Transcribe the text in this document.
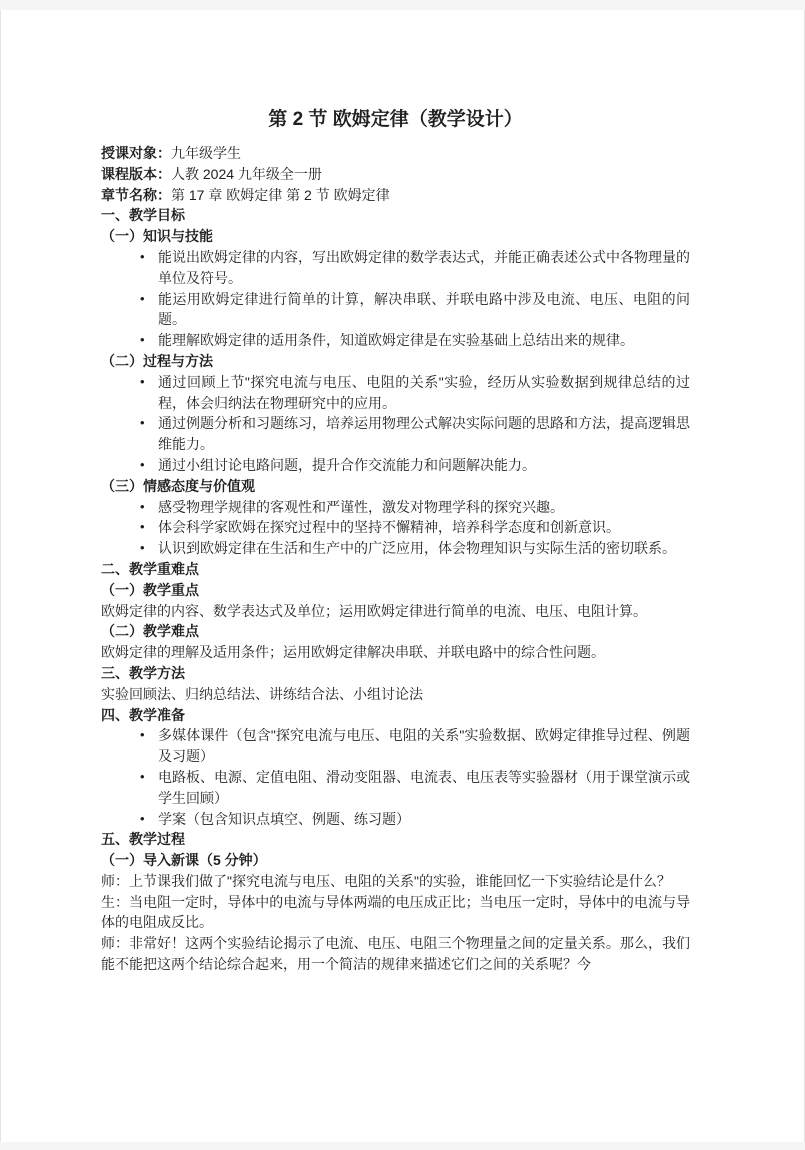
第 2 节 欧姆定律（教学设计）
授课对象：九年级学生
课程版本：人教 2024 九年级全一册
章节名称：第 17 章 欧姆定律 第 2 节 欧姆定律
一、教学目标
（一）知识与技能
• 能说出欧姆定律的内容，写出欧姆定律的数学表达式，并能正确表述公式中各物理量的单位及符号。
• 能运用欧姆定律进行简单的计算，解决串联、并联电路中涉及电流、电压、电阻的问题。
• 能理解欧姆定律的适用条件，知道欧姆定律是在实验基础上总结出来的规律。
（二）过程与方法
• 通过回顾上节"探究电流与电压、电阻的关系"实验，经历从实验数据到规律总结的过程，体会归纳法在物理研究中的应用。
• 通过例题分析和习题练习，培养运用物理公式解决实际问题的思路和方法，提高逻辑思维能力。
• 通过小组讨论电路问题，提升合作交流能力和问题解决能力。
（三）情感态度与价值观
• 感受物理学规律的客观性和严谨性，激发对物理学科的探究兴趣。
• 体会科学家欧姆在探究过程中的坚持不懈精神，培养科学态度和创新意识。
• 认识到欧姆定律在生活和生产中的广泛应用，体会物理知识与实际生活的密切联系。
二、教学重难点
（一）教学重点
欧姆定律的内容、数学表达式及单位；运用欧姆定律进行简单的电流、电压、电阻计算。
（二）教学难点
欧姆定律的理解及适用条件；运用欧姆定律解决串联、并联电路中的综合性问题。
三、教学方法
实验回顾法、归纳总结法、讲练结合法、小组讨论法
四、教学准备
• 多媒体课件（包含"探究电流与电压、电阻的关系"实验数据、欧姆定律推导过程、例题及习题）
• 电路板、电源、定值电阻、滑动变阻器、电流表、电压表等实验器材（用于课堂演示或学生回顾）
• 学案（包含知识点填空、例题、练习题）
五、教学过程
（一）导入新课（5 分钟）
师：上节课我们做了"探究电流与电压、电阻的关系"的实验，谁能回忆一下实验结论是什么？
生：当电阻一定时，导体中的电流与导体两端的电压成正比；当电压一定时，导体中的电流与导体的电阻成反比。
师：非常好！这两个实验结论揭示了电流、电压、电阻三个物理量之间的定量关系。那么，我们能不能把这两个结论综合起来，用一个简洁的规律来描述它们之间的关系呢？今
